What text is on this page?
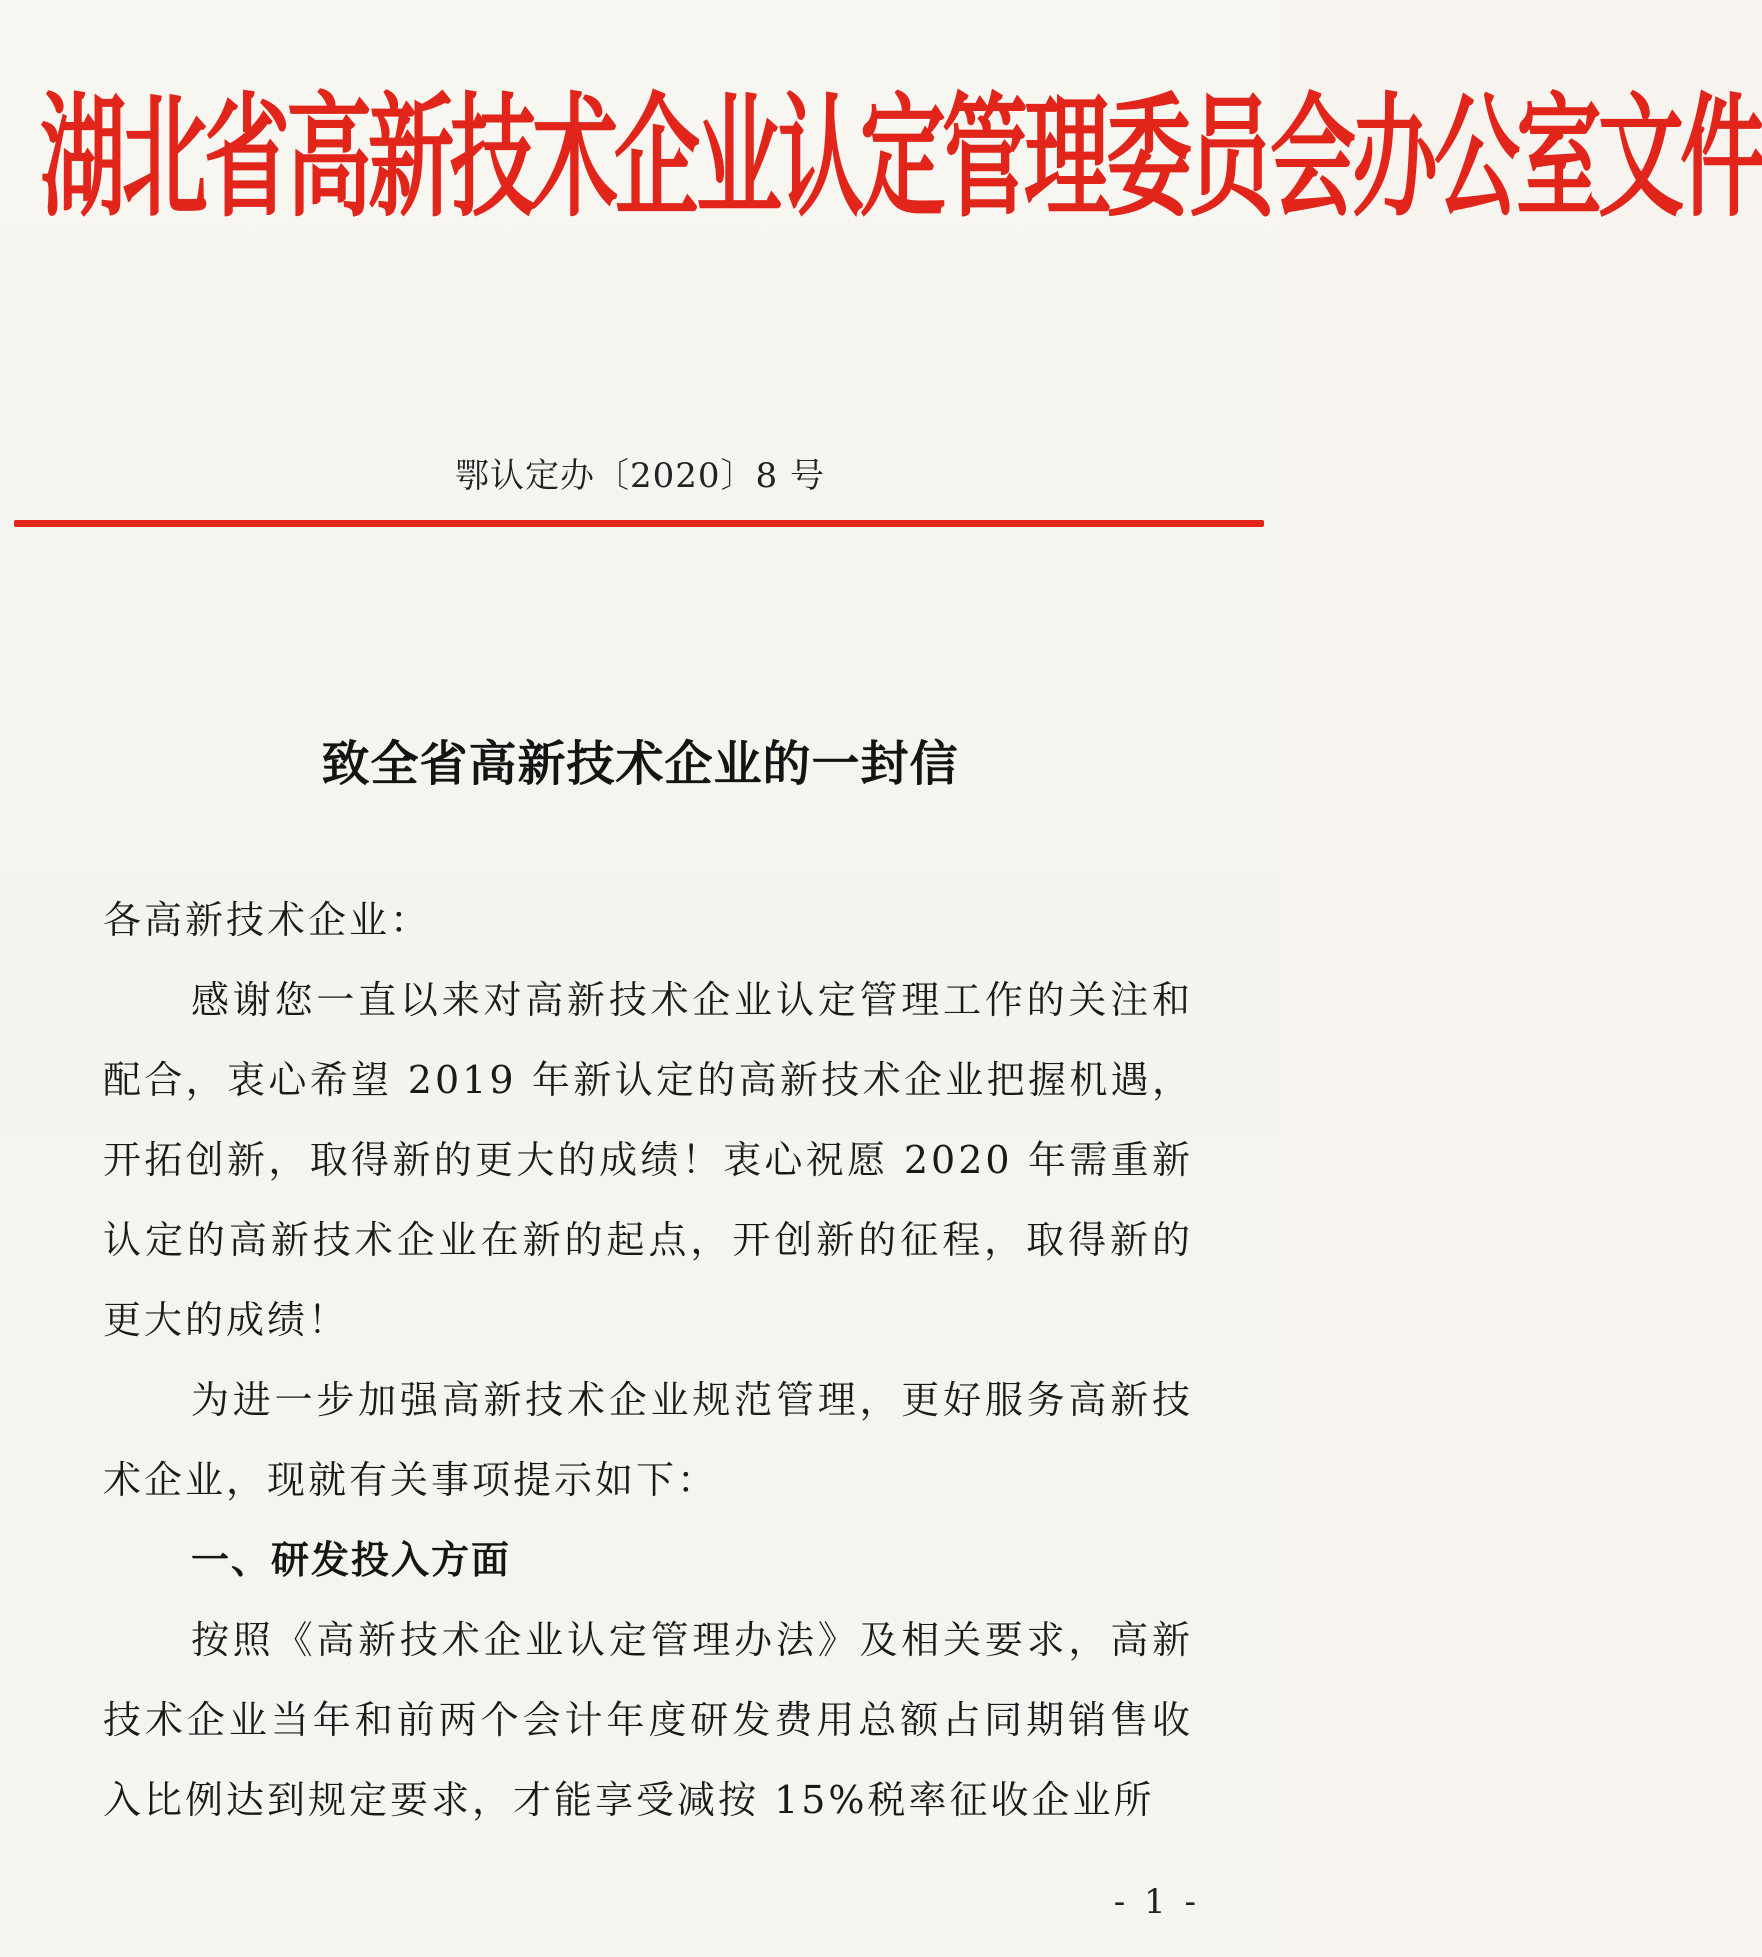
湖北省高新技术企业认定管理委员会办公室文件
鄂认定办〔2020〕8 号
致全省高新技术企业的一封信
各高新技术企业：

感谢您一直以来对高新技术企业认定管理工作的关注和配合，衷心希望 2019 年新认定的高新技术企业把握机遇，开拓创新，取得新的更大的成绩！衷心祝愿 2020 年需重新认定的高新技术企业在新的起点，开创新的征程，取得新的更大的成绩！

为进一步加强高新技术企业规范管理，更好服务高新技术企业，现就有关事项提示如下：

一、研发投入方面

按照《高新技术企业认定管理办法》及相关要求，高新技术企业当年和前两个会计年度研发费用总额占同期销售收入比例达到规定要求，才能享受减按 15%税率征收企业所

- 1 -
